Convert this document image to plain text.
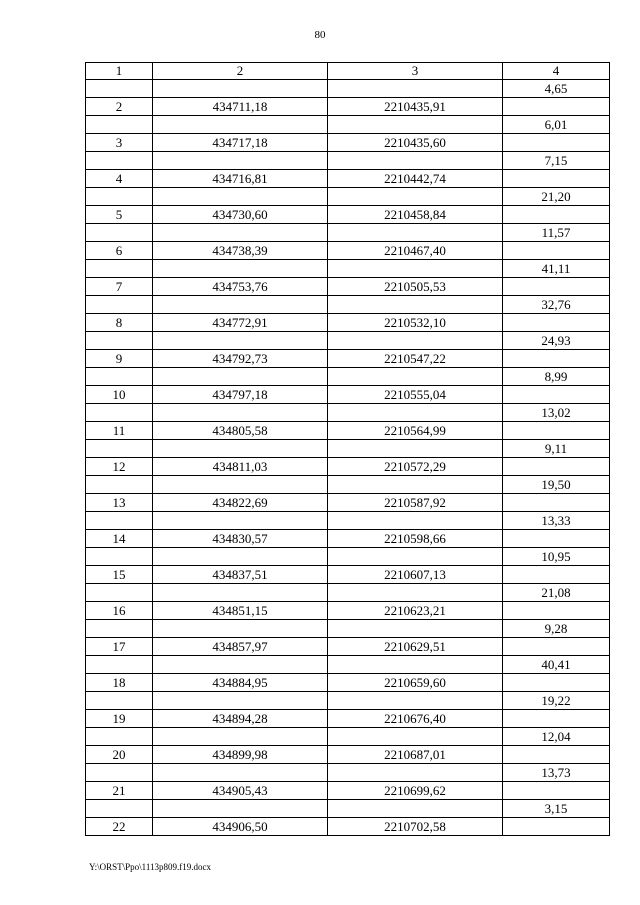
80
1	2	3	4
			4,65
2	434711,18	2210435,91	
			6,01
3	434717,18	2210435,60	
			7,15
4	434716,81	2210442,74	
			21,20
5	434730,60	2210458,84	
			11,57
6	434738,39	2210467,40	
			41,11
7	434753,76	2210505,53	
			32,76
8	434772,91	2210532,10	
			24,93
9	434792,73	2210547,22	
			8,99
10	434797,18	2210555,04	
			13,02
11	434805,58	2210564,99	
			9,11
12	434811,03	2210572,29	
			19,50
13	434822,69	2210587,92	
			13,33
14	434830,57	2210598,66	
			10,95
15	434837,51	2210607,13	
			21,08
16	434851,15	2210623,21	
			9,28
17	434857,97	2210629,51	
			40,41
18	434884,95	2210659,60	
			19,22
19	434894,28	2210676,40	
			12,04
20	434899,98	2210687,01	
			13,73
21	434905,43	2210699,62	
			3,15
22	434906,50	2210702,58	
Y:\ORST\Ppo\1113p809.f19.docx
